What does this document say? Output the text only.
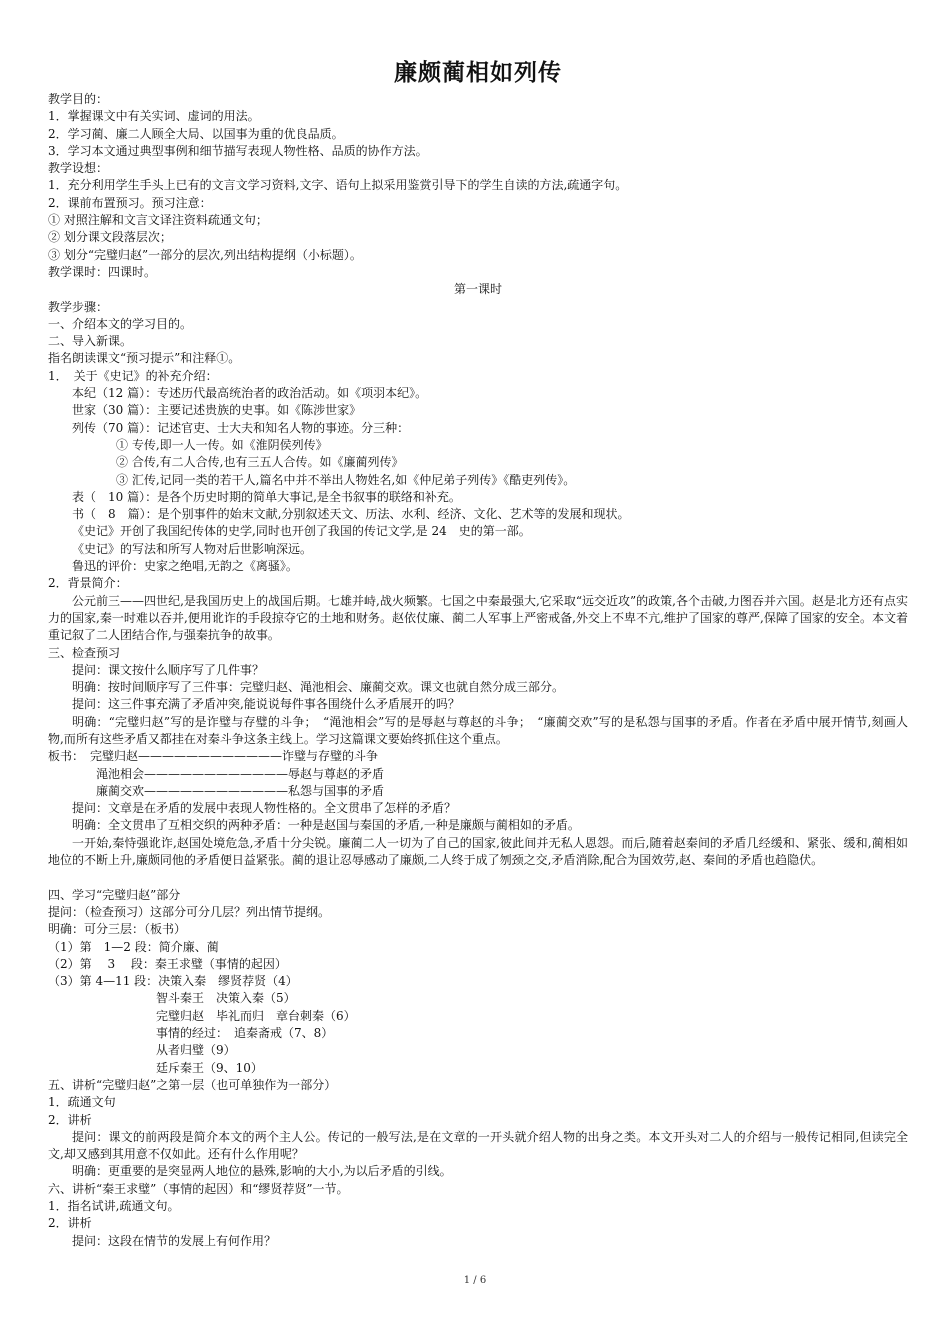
廉颇蔺相如列传
教学目的：
1．掌握课文中有关实词、虚词的用法。
2．学习蔺、廉二人顾全大局、以国事为重的优良品质。
3．学习本文通过典型事例和细节描写表现人物性格、品质的协作方法。
教学设想：
1．充分利用学生手头上已有的文言文学习资料,文字、语句上拟采用鉴赏引导下的学生自读的方法,疏通字句。
2．课前布置预习。预习注意：
① 对照注解和文言文译注资料疏通文句；
② 划分课文段落层次；
③ 划分“完璧归赵”一部分的层次,列出结构提纲（小标题）。
教学课时：四课时。
第一课时
教学步骤：
一、介绍本文的学习目的。
二、导入新课。
指名朗读课文“预习提示”和注释①。
1．　关于《史记》的补充介绍：
本纪（12 篇）：专述历代最高统治者的政治活动。如《项羽本纪》。
世家（30 篇）：主要记述贵族的史事。如《陈涉世家》
列传（70 篇）：记述官吏、士大夫和知名人物的事迹。分三种：
① 专传,即一人一传。如《淮阴侯列传》
② 合传,有二人合传,也有三五人合传。如《廉蔺列传》
③ 汇传,记同一类的若干人,篇名中并不举出人物姓名,如《仲尼弟子列传》《酷吏列传》。
表（　10 篇）：是各个历史时期的简单大事记,是全书叙事的联络和补充。
书（　8　篇）：是个别事件的始末文献,分别叙述天文、历法、水利、经济、文化、艺术等的发展和现状。
《史记》开创了我国纪传体的史学,同时也开创了我国的传记文学,是 24　史的第一部。
《史记》的写法和所写人物对后世影响深远。
鲁迅的评价：史家之绝唱,无韵之《离骚》。
2．背景简介：
公元前三——四世纪,是我国历史上的战国后期。七雄并峙,战火频繁。七国之中秦最强大,它采取“远交近攻”的政策,各个击破,力图吞并六国。赵是北方还有点实力的国家,秦一时难以吞并,便用讹诈的手段掠夺它的土地和财务。赵依仗廉、蔺二人军事上严密戒备,外交上不卑不亢,维护了国家的尊严,保障了国家的安全。本文着重记叙了二人团结合作,与强秦抗争的故事。
三、检查预习
提问：课文按什么顺序写了几件事？
明确：按时间顺序写了三件事：完璧归赵、渑池相会、廉蔺交欢。课文也就自然分成三部分。
提问：这三件事充满了矛盾冲突,能说说每件事各围绕什么矛盾展开的吗？
明确：“完璧归赵”写的是诈璧与存璧的斗争；　“渑池相会”写的是辱赵与尊赵的斗争；　“廉蔺交欢”写的是私怨与国事的矛盾。作者在矛盾中展开情节,刻画人物,而所有这些矛盾又都挂在对秦斗争这条主线上。学习这篇课文要始终抓住这个重点。
板书：　完璧归赵————————————诈璧与存璧的斗争
渑池相会————————————辱赵与尊赵的矛盾
廉蔺交欢————————————私怨与国事的矛盾
提问：文章是在矛盾的发展中表现人物性格的。全文贯串了怎样的矛盾？
明确：全文贯串了互相交织的两种矛盾：一种是赵国与秦国的矛盾,一种是廉颇与蔺相如的矛盾。
一开始,秦恃强讹诈,赵国处境危急,矛盾十分尖锐。廉蔺二人一切为了自己的国家,彼此间并无私人恩怨。而后,随着赵秦间的矛盾几经缓和、紧张、缓和,蔺相如地位的不断上升,廉颇同他的矛盾便日益紧张。蔺的退让忍辱感动了廉颇,二人终于成了刎颈之交,矛盾消除,配合为国效劳,赵、秦间的矛盾也趋隐伏。
四、学习“完璧归赵”部分
提问：（检查预习）这部分可分几层？列出情节提纲。
明确：可分三层：（板书）
（1）第　1—2 段：简介廉、蔺
（2）第　 3　 段：秦王求璧（事情的起因）
（3）第 4—11 段：决策入秦　缪贤荐贤（4）
智斗秦王　决策入秦（5）
完璧归赵　毕礼而归　章台刺秦（6）
事情的经过：　追秦斋戒（7、8）
从者归璧（9）
廷斥秦王（9、10）
五、讲析“完璧归赵”之第一层（也可单独作为一部分）
1．疏通文句
2．讲析
提问：课文的前两段是简介本文的两个主人公。传记的一般写法,是在文章的一开头就介绍人物的出身之类。本文开头对二人的介绍与一般传记相同,但读完全文,却又感到其用意不仅如此。还有什么作用呢？
明确：更重要的是突显两人地位的悬殊,影响的大小,为以后矛盾的引线。
六、讲析“秦王求璧”（事情的起因）和“缪贤荐贤”一节。
1．指名试讲,疏通文句。
2．讲析
提问：这段在情节的发展上有何作用？
1 / 6
